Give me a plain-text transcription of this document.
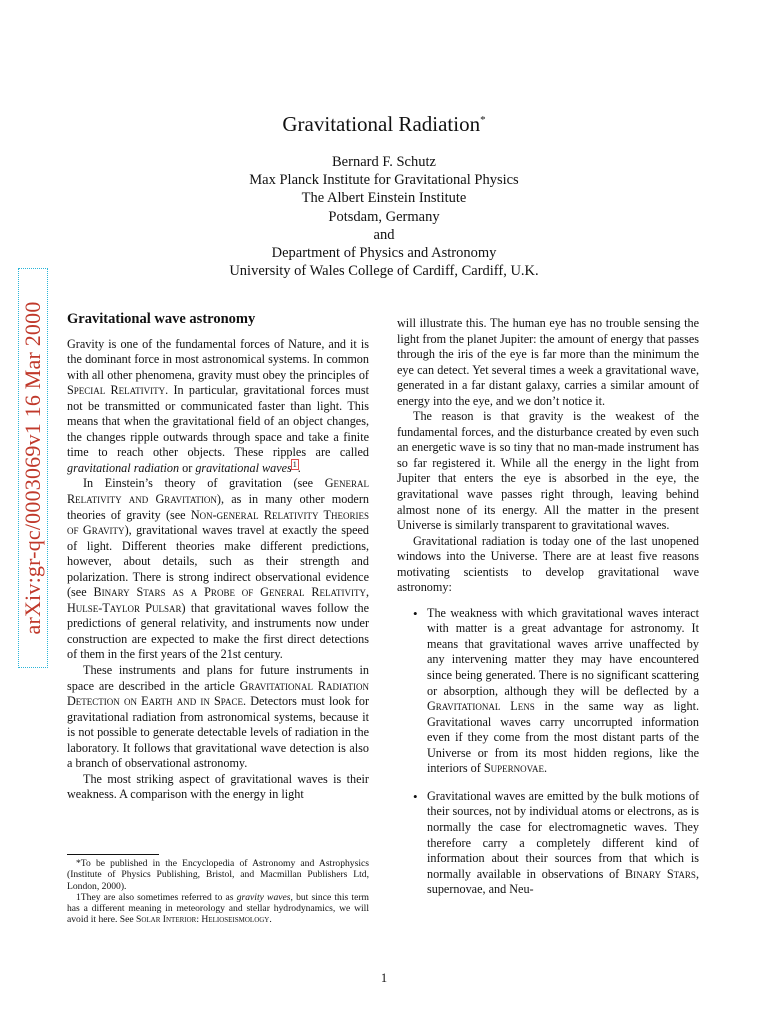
arXiv:gr-qc/0003069v1 16 Mar 2000
Gravitational Radiation*
Bernard F. Schutz
Max Planck Institute for Gravitational Physics
The Albert Einstein Institute
Potsdam, Germany
and
Department of Physics and Astronomy
University of Wales College of Cardiff, Cardiff, U.K.
Gravitational wave astronomy

Gravity is one of the fundamental forces of Nature, and it is the dominant force in most astronomical systems. In common with all other phenomena, gravity must obey the principles of Special Relativity. In particular, gravitational forces must not be transmitted or communicated faster than light. This means that when the gravitational field of an object changes, the changes ripple outwards through space and take a finite time to reach other objects. These ripples are called gravitational radiation or gravitational waves$^1$.

In Einstein’s theory of gravitation (see General Relativity and Gravitation), as in many other modern theories of gravity (see Non-general Relativity Theories of Gravity), gravitational waves travel at exactly the speed of light. Different theories make different predictions, however, about details, such as their strength and polarization. There is strong indirect observational evidence (see Binary Stars as a Probe of General Relativity, Hulse-Taylor Pulsar) that gravitational waves follow the predictions of general relativity, and instruments now under construction are expected to make the first direct detections of them in the first years of the 21st century.

These instruments and plans for future instruments in space are described in the article Gravitational Radiation Detection on Earth and in Space. Detectors must look for gravitational radiation from astronomical systems, because it is not possible to generate detectable levels of radiation in the laboratory. It follows that gravitational wave detection is also a branch of observational astronomy.

The most striking aspect of gravitational waves is their weakness. A comparison with the energy in light

*To be published in the Encyclopedia of Astronomy and Astrophysics (Institute of Physics Publishing, Bristol, and Macmillan Publishers Ltd, London, 2000).

1They are also sometimes referred to as gravity waves, but since this term has a different meaning in meteorology and stellar hydrodynamics, we will avoid it here. See Solar Interior: Helioseismology.

will illustrate this. The human eye has no trouble sensing the light from the planet Jupiter: the amount of energy that passes through the iris of the eye is far more than the minimum the eye can detect. Yet several times a week a gravitational wave, generated in a far distant galaxy, carries a similar amount of energy into the eye, and we don’t notice it.

The reason is that gravity is the weakest of the fundamental forces, and the disturbance created by even such an energetic wave is so tiny that no man-made instrument has so far registered it. While all the energy in the light from Jupiter that enters the eye is absorbed in the eye, the gravitational wave passes right through, leaving behind almost none of its energy. All the matter in the present Universe is similarly transparent to gravitational waves.

Gravitational radiation is today one of the last unopened windows into the Universe. There are at least five reasons motivating scientists to develop gravitational wave astronomy:

• The weakness with which gravitational waves interact with matter is a great advantage for astronomy. It means that gravitational waves arrive unaffected by any intervening matter they may have encountered since being generated. There is no significant scattering or absorption, although they will be deflected by a Gravitational Lens in the same way as light. Gravitational waves carry uncorrupted information even if they come from the most distant parts of the Universe or from its most hidden regions, like the interiors of Supernovae.
• Gravitational waves are emitted by the bulk motions of their sources, not by individual atoms or electrons, as is normally the case for electromagnetic waves. They therefore carry a completely different kind of information about their sources from that which is normally available in observations of Binary Stars, supernovae, and Neu-
1
